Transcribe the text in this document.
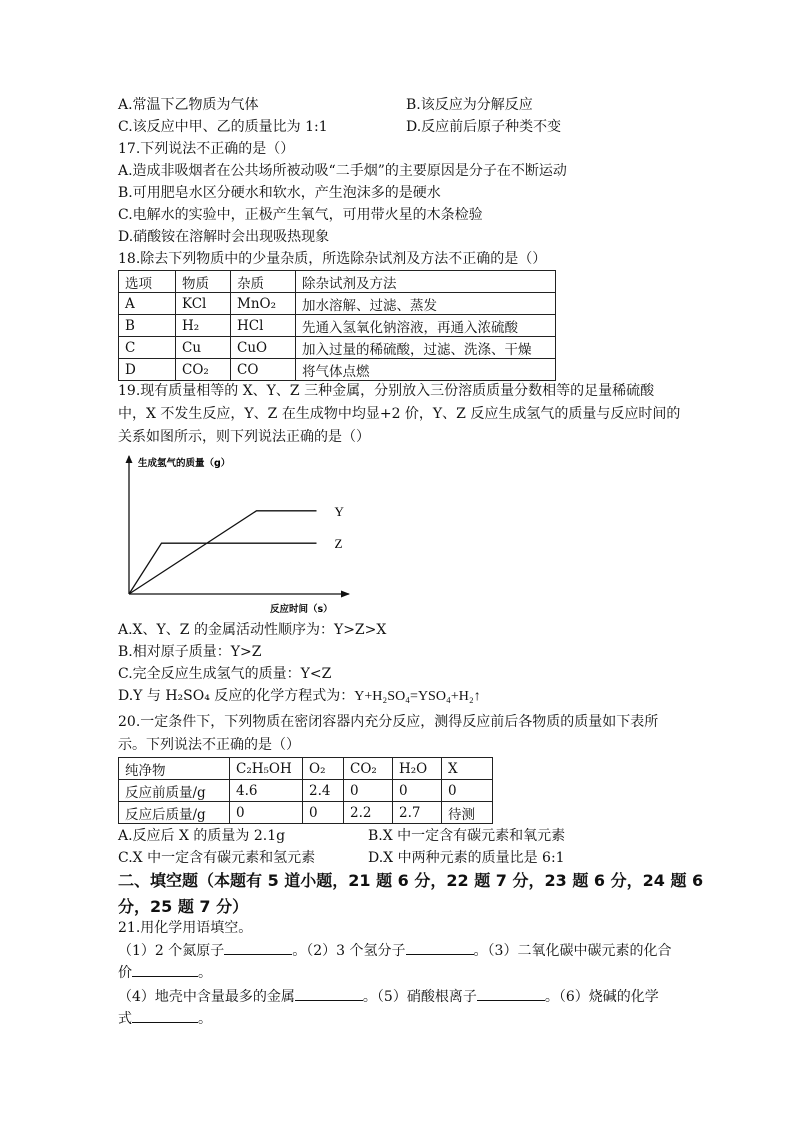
A.常温下乙物质为气体	B.该反应为分解反应
C.该反应中甲、乙的质量比为 1:1	D.反应前后原子种类不变
17.下列说法不正确的是（）
A.造成非吸烟者在公共场所被动吸“二手烟”的主要原因是分子在不断运动
B.可用肥皂水区分硬水和软水，产生泡沫多的是硬水
C.电解水的实验中，正极产生氧气，可用带火星的木条检验
D.硝酸铵在溶解时会出现吸热现象
18.除去下列物质中的少量杂质，所选除杂试剂及方法不正确的是（）
选项	物质	杂质	除杂试剂及方法
A	KCl	MnO₂	加水溶解、过滤、蒸发
B	H₂	HCl	先通入氢氧化钠溶液，再通入浓硫酸
C	Cu	CuO	加入过量的稀硫酸，过滤、洗涤、干燥
D	CO₂	CO	将气体点燃
19.现有质量相等的 X、Y、Z 三种金属，分别放入三份溶质质量分数相等的足量稀硫酸
中，X 不发生反应，Y、Z 在生成物中均显+2 价，Y、Z 反应生成氢气的质量与反应时间的
关系如图所示，则下列说法正确的是（）
Y
Z
生成氢气的质量（g）
反应时间（s）
A.X、Y、Z 的金属活动性顺序为：Y>Z>X
B.相对原子质量：Y>Z
C.完全反应生成氢气的质量：Y<Z
D.Y 与 H₂SO₄ 反应的化学方程式为：Y+H₂SO₄=YSO₄+H₂↑
20.一定条件下，下列物质在密闭容器内充分反应，测得反应前后各物质的质量如下表所
示。下列说法不正确的是（）
纯净物	C₂H₅OH	O₂	CO₂	H₂O	X
反应前质量/g	4.6	2.4	0	0	0
反应后质量/g	0	0	2.2	2.7	待测
A.反应后 X 的质量为 2.1g	B.X 中一定含有碳元素和氧元素
C.X 中一定含有碳元素和氢元素	D.X 中两种元素的质量比是 6:1
二、填空题（本题有 5 道小题，21 题 6 分，22 题 7 分，23 题 6 分，24 题 6
分，25 题 7 分）
21.用化学用语填空。
（1）2 个氮原子	。（2）3 个氢分子	。（3）二氧化碳中碳元素的化合
价	。
（4）地壳中含量最多的金属	。（5）硝酸根离子	。（6）烧碱的化学
式	。
